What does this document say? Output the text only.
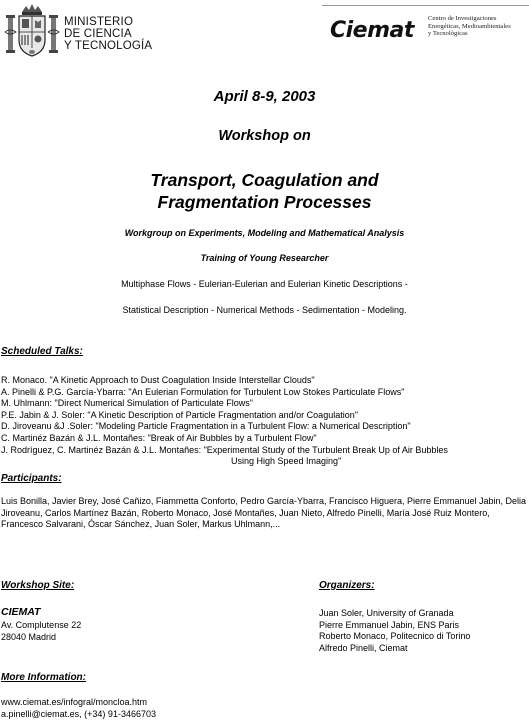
MINISTERIO
DE CIENCIA
Y TECNOLOGÍA
Ciemat Centro de Investigaciones
Energéticas, Medioambientales
y Tecnológicas
April 8-9, 2003
Workshop on
Transport, Coagulation and
Fragmentation Processes
Workgroup on Experiments, Modeling and Mathematical Analysis
Training of Young Researcher
Multiphase Flows - Eulerian-Eulerian and Eulerian Kinetic Descriptions -
Statistical Description - Numerical Methods - Sedimentation - Modeling.
Scheduled Talks:
R. Monaco. "A Kinetic Approach to Dust Coagulation Inside Interstellar Clouds"
A. Pinelli & P.G. García-Ybarra: "An Eulerian Formulation for Turbulent Low Stokes Particulate Flows"
M. Uhlmann: "Direct Numerical Simulation of Particulate Flows"
P.E. Jabin & J. Soler: "A Kinetic Description of Particle Fragmentation and/or Coagulation"
D. Jiroveanu &J .Soler: "Modeling Particle Fragmentation in a Turbulent Flow: a Numerical Description"
C. Martinéz Bazán & J.L. Montañes: "Break of Air Bubbles by a Turbulent Flow"
J. Rodríguez, C. Martinéz Bazán & J.L. Montañes: "Experimental Study of the Turbulent Break Up of Air Bubbles
Using High Speed Imaging"
Participants:
Luis Bonilla, Javier Brey, José Cañizo, Fiammetta Conforto, Pedro García-Ybarra, Francisco Higuera, Pierre Emmanuel Jabin, Delia Jiroveanu, Carlos Martínez Bazán, Roberto Monaco, José Montañes, Juan Nieto, Alfredo Pinelli, María José Ruiz Montero, Francesco Salvarani, Óscar Sánchez, Juan Soler, Markus Uhlmann,...
Workshop Site:
CIEMAT
Av. Complutense 22
28040 Madrid
Organizers:
Juan Soler, University of Granada
Pierre Emmanuel Jabin, ENS Paris
Roberto Monaco, Politecnico di Torino
Alfredo Pinelli, Ciemat
More Information:
www.ciemat.es/infogral/moncloa.htm
a.pinelli@ciemat.es, (+34) 91-3466703
